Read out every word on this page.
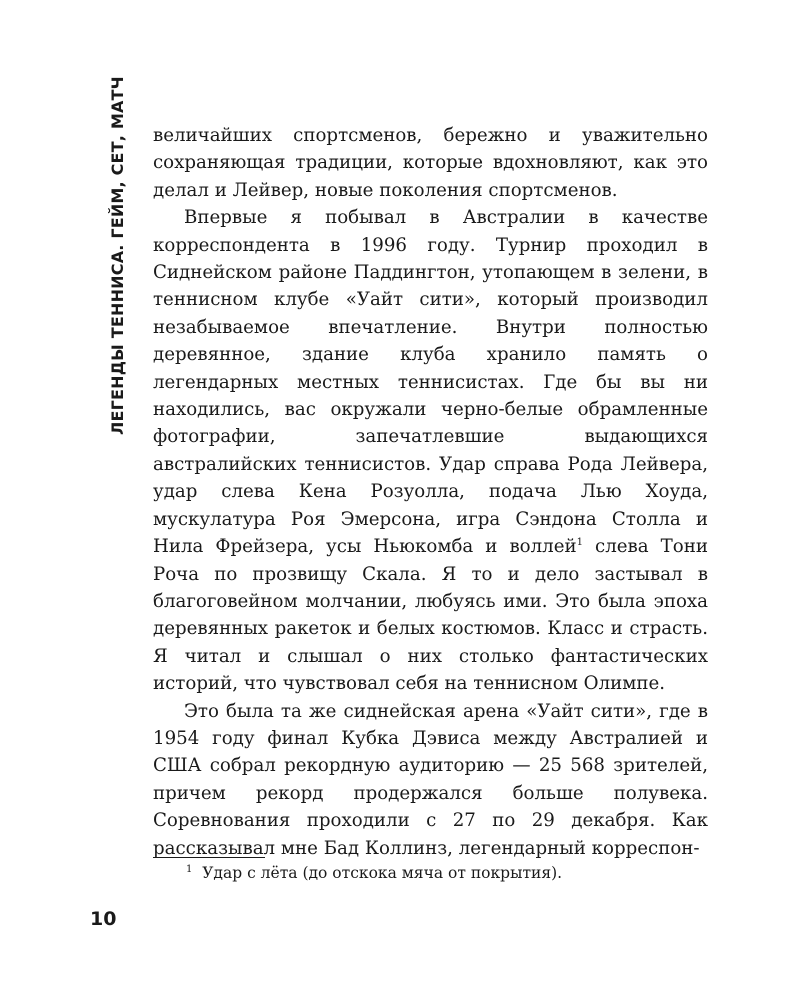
ЛЕГЕНДЫ ТЕННИСА. ГЕЙМ, СЕТ, МАТЧ величайших спортсменов, бережно и уважительно сохраняющая традиции, которые вдохновляют, как это делал и Лейвер, новые поколения спортсменов.

Впервые я побывал в Австралии в качестве корреспондента в 1996 году. Турнир проходил в Сиднейском районе Паддингтон, утопающем в зелени, в теннисном клубе «Уайт сити», который производил незабываемое впечатление. Внутри полностью деревянное, здание клуба хранило память о легендарных местных теннисистах. Где бы вы ни находились, вас окружали черно-белые обрамленные фотографии, запечатлевшие выдающихся австралийских теннисистов. Удар справа Рода Лейвера, удар слева Кена Розуолла, подача Лью Хоуда, мускулатура Роя Эмерсона, игра Сэндона Столла и Нила Фрейзера, усы Ньюкомба и воллей$^1$ слева Тони Роча по прозвищу Скала. Я то и дело застывал в благоговейном молчании, любуясь ими. Это была эпоха деревянных ракеток и белых костюмов. Класс и страсть. Я читал и слышал о них столько фантастических историй, что чувствовал себя на теннисном Олимпе.

Это была та же сиднейская арена «Уайт сити», где в 1954 году финал Кубка Дэвиса между Австралией и США собрал рекордную аудиторию — 25 568 зрителей, причем рекорд продержался больше полувека. Соревнования проходили с 27 по 29 декабря. Как рассказывал мне Бад Коллинз, легендарный корреспон-

$^1$ Удар с лёта (до отскока мяча от покрытия).
10
